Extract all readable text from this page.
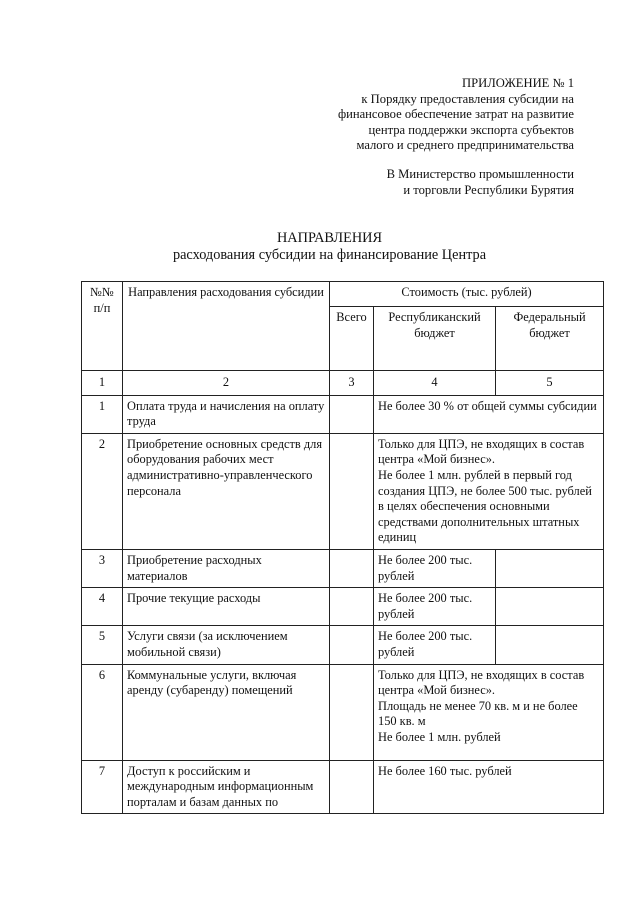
ПРИЛОЖЕНИЕ № 1
к Порядку предоставления субсидии на
финансовое обеспечение затрат на развитие
центра поддержки экспорта субъектов
малого и среднего предпринимательства
В Министерство промышленности
и торговли Республики Бурятия
НАПРАВЛЕНИЯ
расходования субсидии на финансирование Центра
№№ п/п	Направления расходования субсидии	Стоимость (тыс. рублей)		
		Всего	Республиканский бюджет	Федеральный бюджет
1	2	3	4	5
1	Оплата труда и начисления на оплату труда		Не более 30 % от общей суммы субсидии	
2	Приобретение основных средств для оборудования рабочих мест административно-управленческого персонала		Только для ЦПЭ, не входящих в состав центра «Мой бизнес».
Не более 1 млн. рублей в первый год создания ЦПЭ, не более 500 тыс. рублей в целях обеспечения основными средствами дополнительных штатных единиц	

3	Приобретение расходных материалов		Не более 200 тыс. рублей	
4	Прочие текущие расходы		Не более 200 тыс. рублей	
5	Услуги связи (за исключением мобильной связи)		Не более 200 тыс. рублей	
6	Коммунальные услуги, включая аренду (субаренду) помещений		Только для ЦПЭ, не входящих в состав центра «Мой бизнес».
Площадь не менее 70 кв. м и не более 150 кв. м
Не более 1 млн. рублей	

7	Доступ к российским и международным информационным порталам и базам данных по		Не более 160 тыс. рублей	
